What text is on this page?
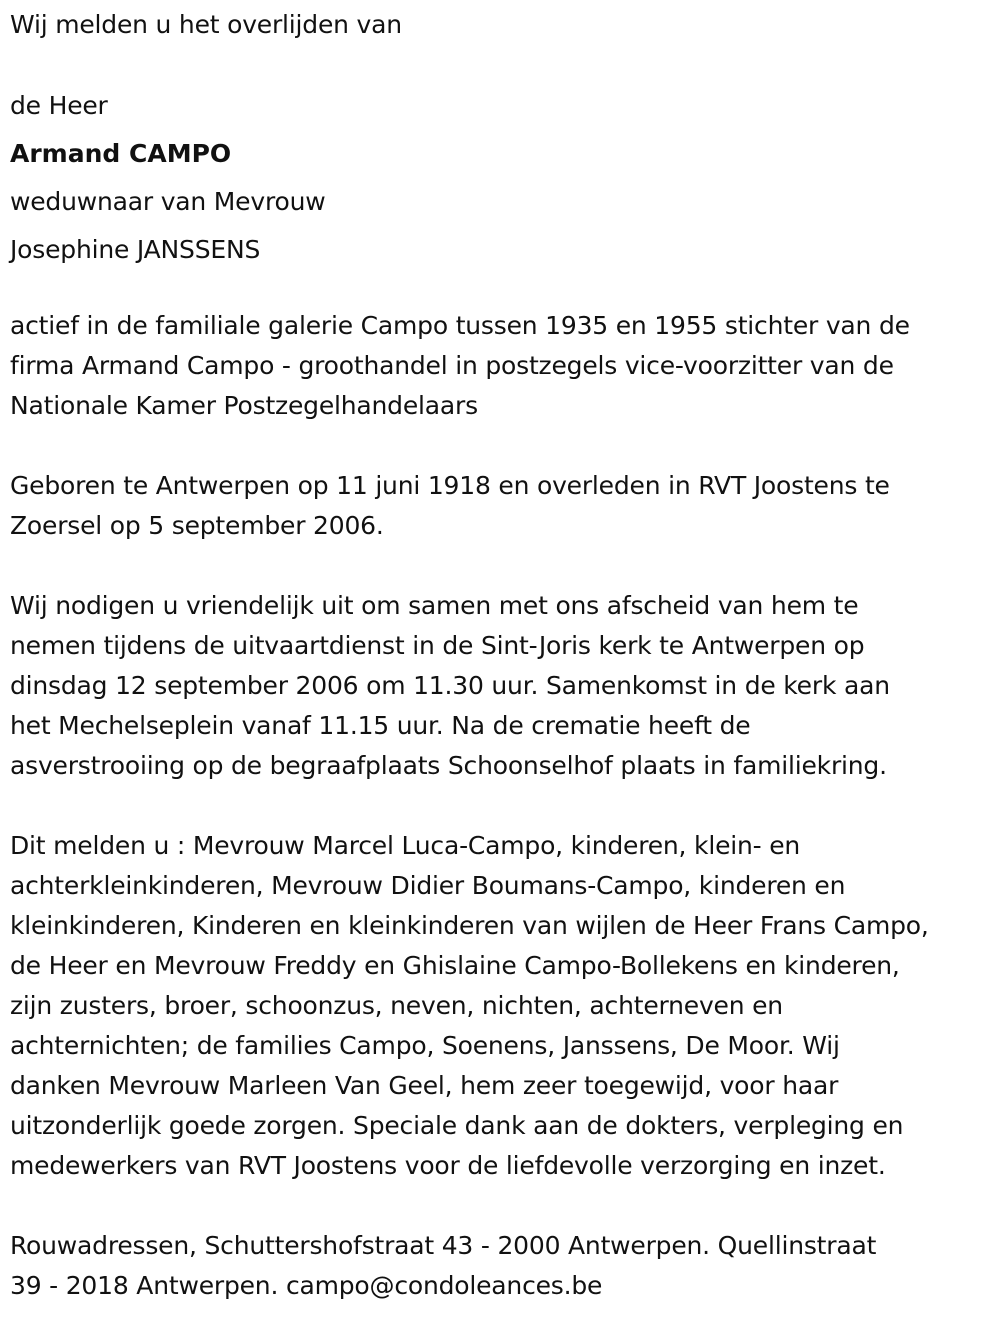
Wij melden u het overlijden van

de Heer

Armand CAMPO

weduwnaar van Mevrouw

Josephine JANSSENS

actief in de familiale galerie Campo tussen 1935 en 1955 stichter van de
firma Armand Campo - groothandel in postzegels vice-voorzitter van de
Nationale Kamer Postzegelhandelaars
Geboren te Antwerpen op 11 juni 1918 en overleden in RVT Joostens te
Zoersel op 5 september 2006.
Wij nodigen u vriendelijk uit om samen met ons afscheid van hem te
nemen tijdens de uitvaartdienst in de Sint-Joris kerk te Antwerpen op
dinsdag 12 september 2006 om 11.30 uur. Samenkomst in de kerk aan
het Mechelseplein vanaf 11.15 uur. Na de crematie heeft de
asverstrooiing op de begraafplaats Schoonselhof plaats in familiekring.
Dit melden u : Mevrouw Marcel Luca-Campo, kinderen, klein- en
achterkleinkinderen, Mevrouw Didier Boumans-Campo, kinderen en
kleinkinderen, Kinderen en kleinkinderen van wijlen de Heer Frans Campo,
de Heer en Mevrouw Freddy en Ghislaine Campo-Bollekens en kinderen,
zijn zusters, broer, schoonzus, neven, nichten, achterneven en
achternichten; de families Campo, Soenens, Janssens, De Moor. Wij
danken Mevrouw Marleen Van Geel, hem zeer toegewijd, voor haar
uitzonderlijk goede zorgen. Speciale dank aan de dokters, verpleging en
medewerkers van RVT Joostens voor de liefdevolle verzorging en inzet.
Rouwadressen, Schuttershofstraat 43 - 2000 Antwerpen. Quellinstraat
39 - 2018 Antwerpen. campo@condoleances.be
